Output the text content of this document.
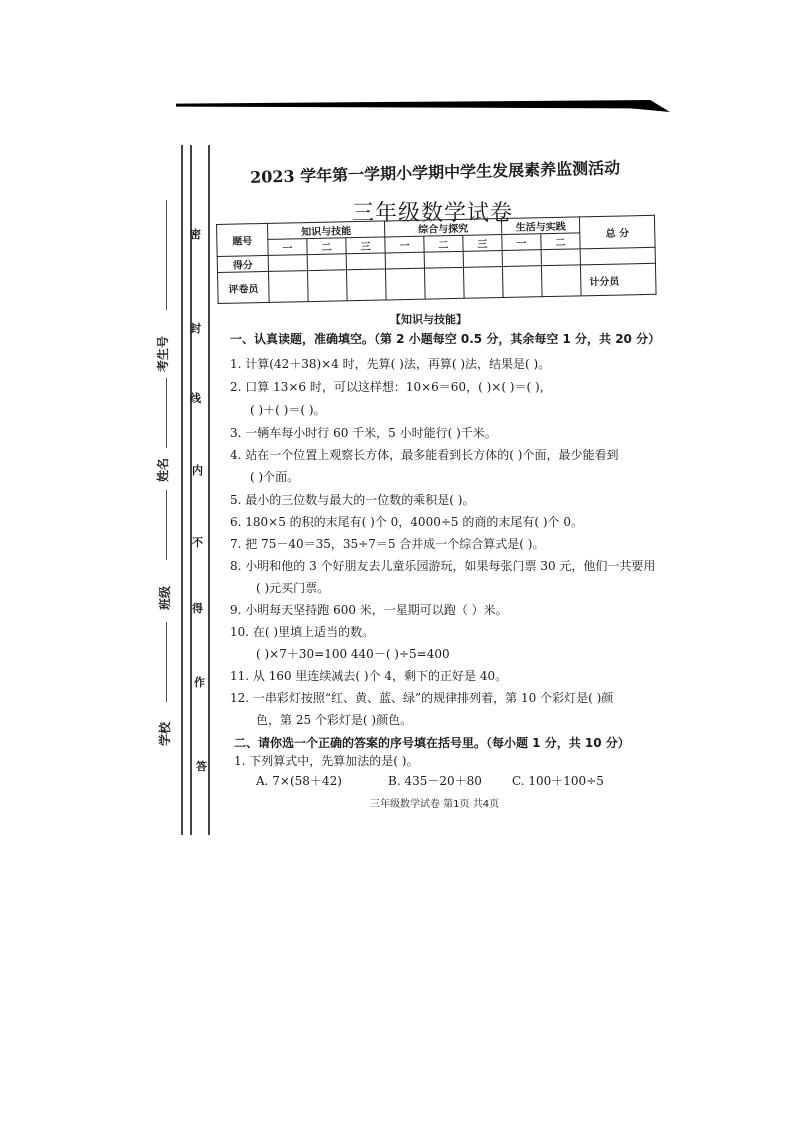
密
封
线
内
不
得
作
答
考生号
姓名
班级
学校
2023 学年第一学期小学期中学生发展素养监测活动
三年级数学试卷
题号	知识与技能			综合与探究			生活与实践		总 分
	一	二	三	一	二	三	一	二	
得分									
评卷员									计分员
【知识与技能】
一、认真读题，准确填空。（第 2 小题每空 0.5 分，其余每空 1 分，共 20 分）
1. 计算(42＋38)×4 时，先算( )法，再算( )法，结果是( )。
2. 口算 13×6 时，可以这样想：10×6＝60，( )×( )＝( )，
( )＋( )＝( )。
3. 一辆车每小时行 60 千米，5 小时能行( )千米。
4. 站在一个位置上观察长方体，最多能看到长方体的( )个面，最少能看到
( )个面。
5. 最小的三位数与最大的一位数的乘积是( )。
6. 180×5 的积的末尾有( )个 0，4000÷5 的商的末尾有( )个 0。
7. 把 75－40＝35，35÷7＝5 合并成一个综合算式是( )。
8. 小明和他的 3 个好朋友去儿童乐园游玩，如果每张门票 30 元，他们一共要用
( )元买门票。
9. 小明每天坚持跑 600 米，一星期可以跑（ ）米。
10. 在( )里填上适当的数。
( )×7＋30=100 440－( )÷5=400
11. 从 160 里连续减去( )个 4，剩下的正好是 40。
12. 一串彩灯按照“红、黄、蓝、绿”的规律排列着，第 10 个彩灯是( )颜
色，第 25 个彩灯是( )颜色。
二、请你选一个正确的答案的序号填在括号里。（每小题 1 分，共 10 分）
1. 下列算式中，先算加法的是( )。
A. 7×(58＋42)	B. 435－20＋80	C. 100＋100÷5
三年级数学试卷 第1页 共4页
